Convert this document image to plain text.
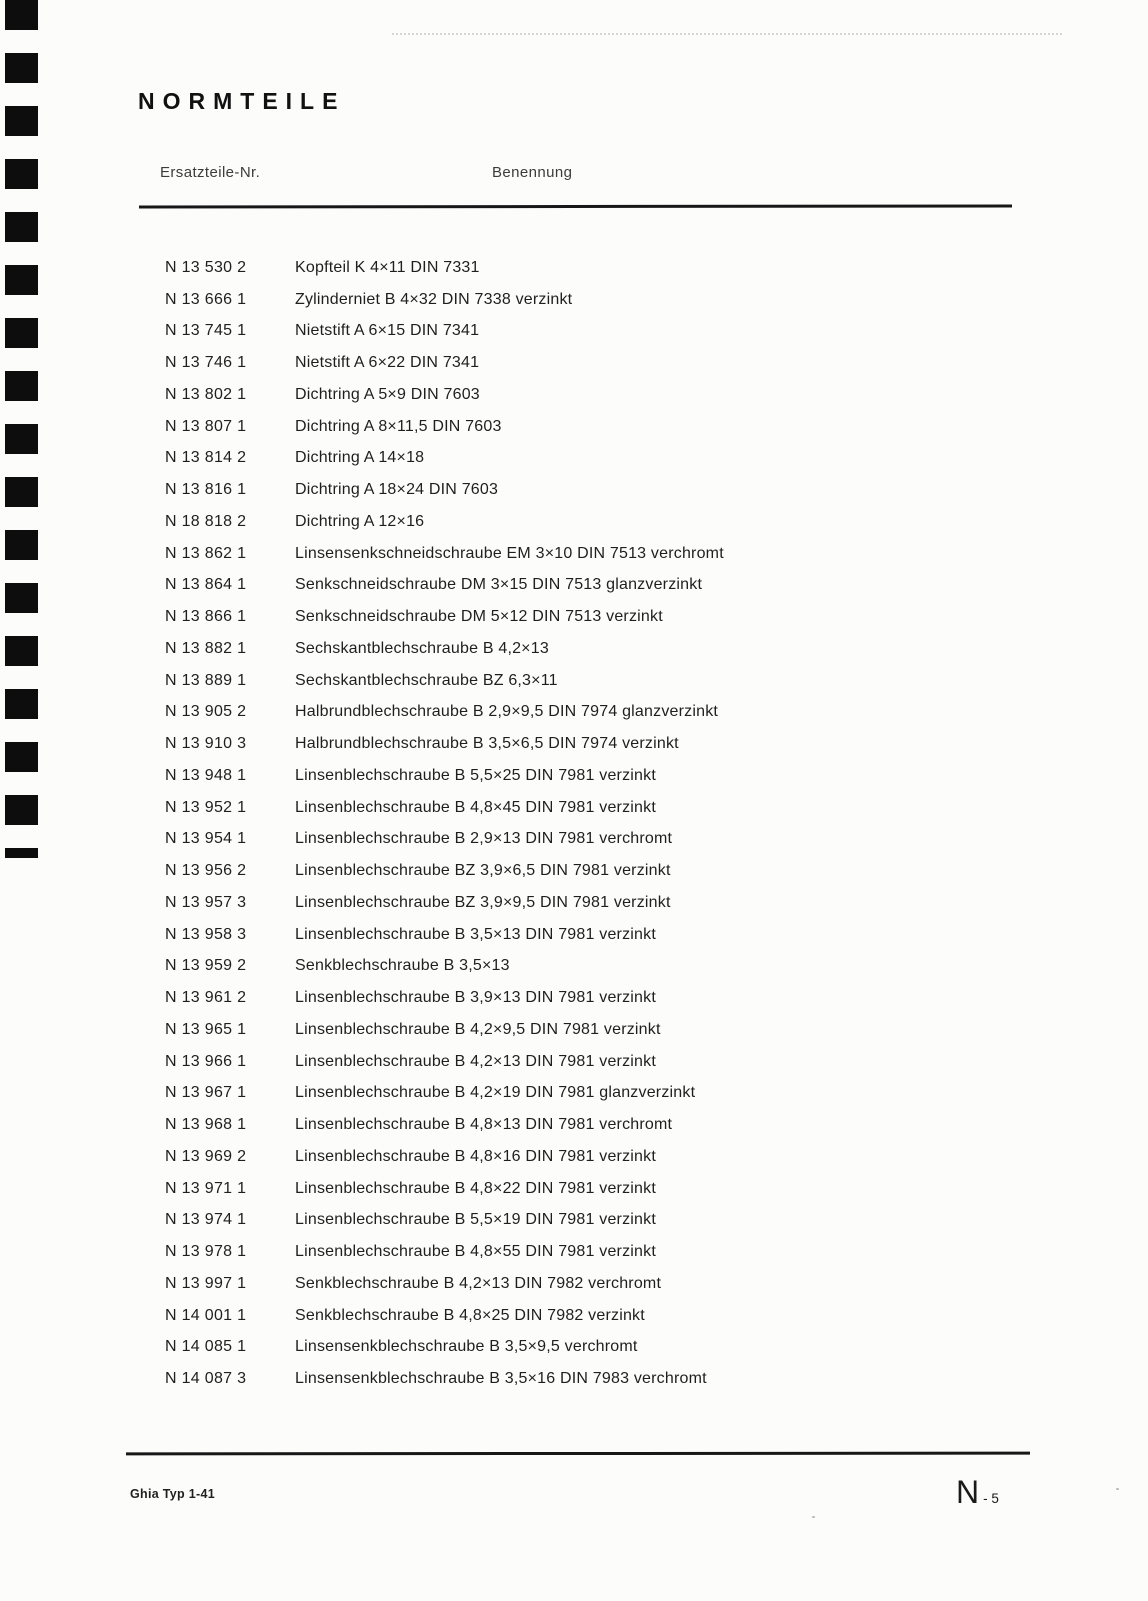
NORMTEILE
Ersatzteile-Nr.	Benennung
N 13 530 2	Kopfteil K 4×11 DIN 7331
N 13 666 1	Zylinderniet B 4×32 DIN 7338 verzinkt
N 13 745 1	Nietstift A 6×15 DIN 7341
N 13 746 1	Nietstift A 6×22 DIN 7341
N 13 802 1	Dichtring A 5×9 DIN 7603
N 13 807 1	Dichtring A 8×11,5 DIN 7603
N 13 814 2	Dichtring A 14×18
N 13 816 1	Dichtring A 18×24 DIN 7603
N 18 818 2	Dichtring A 12×16
N 13 862 1	Linsensenkschneidschraube EM 3×10 DIN 7513 verchromt
N 13 864 1	Senkschneidschraube DM 3×15 DIN 7513 glanzverzinkt
N 13 866 1	Senkschneidschraube DM 5×12 DIN 7513 verzinkt
N 13 882 1	Sechskantblechschraube B 4,2×13
N 13 889 1	Sechskantblechschraube BZ 6,3×11
N 13 905 2	Halbrundblechschraube B 2,9×9,5 DIN 7974 glanzverzinkt
N 13 910 3	Halbrundblechschraube B 3,5×6,5 DIN 7974 verzinkt
N 13 948 1	Linsenblechschraube B 5,5×25 DIN 7981 verzinkt
N 13 952 1	Linsenblechschraube B 4,8×45 DIN 7981 verzinkt
N 13 954 1	Linsenblechschraube B 2,9×13 DIN 7981 verchromt
N 13 956 2	Linsenblechschraube BZ 3,9×6,5 DIN 7981 verzinkt
N 13 957 3	Linsenblechschraube BZ 3,9×9,5 DIN 7981 verzinkt
N 13 958 3	Linsenblechschraube B 3,5×13 DIN 7981 verzinkt
N 13 959 2	Senkblechschraube B 3,5×13
N 13 961 2	Linsenblechschraube B 3,9×13 DIN 7981 verzinkt
N 13 965 1	Linsenblechschraube B 4,2×9,5 DIN 7981 verzinkt
N 13 966 1	Linsenblechschraube B 4,2×13 DIN 7981 verzinkt
N 13 967 1	Linsenblechschraube B 4,2×19 DIN 7981 glanzverzinkt
N 13 968 1	Linsenblechschraube B 4,8×13 DIN 7981 verchromt
N 13 969 2	Linsenblechschraube B 4,8×16 DIN 7981 verzinkt
N 13 971 1	Linsenblechschraube B 4,8×22 DIN 7981 verzinkt
N 13 974 1	Linsenblechschraube B 5,5×19 DIN 7981 verzinkt
N 13 978 1	Linsenblechschraube B 4,8×55 DIN 7981 verzinkt
N 13 997 1	Senkblechschraube B 4,2×13 DIN 7982 verchromt
N 14 001 1	Senkblechschraube B 4,8×25 DIN 7982 verzinkt
N 14 085 1	Linsensenkblechschraube B 3,5×9,5 verchromt
N 14 087 3	Linsensenkblechschraube B 3,5×16 DIN 7983 verchromt
Ghia Typ 1-41	N - 5
